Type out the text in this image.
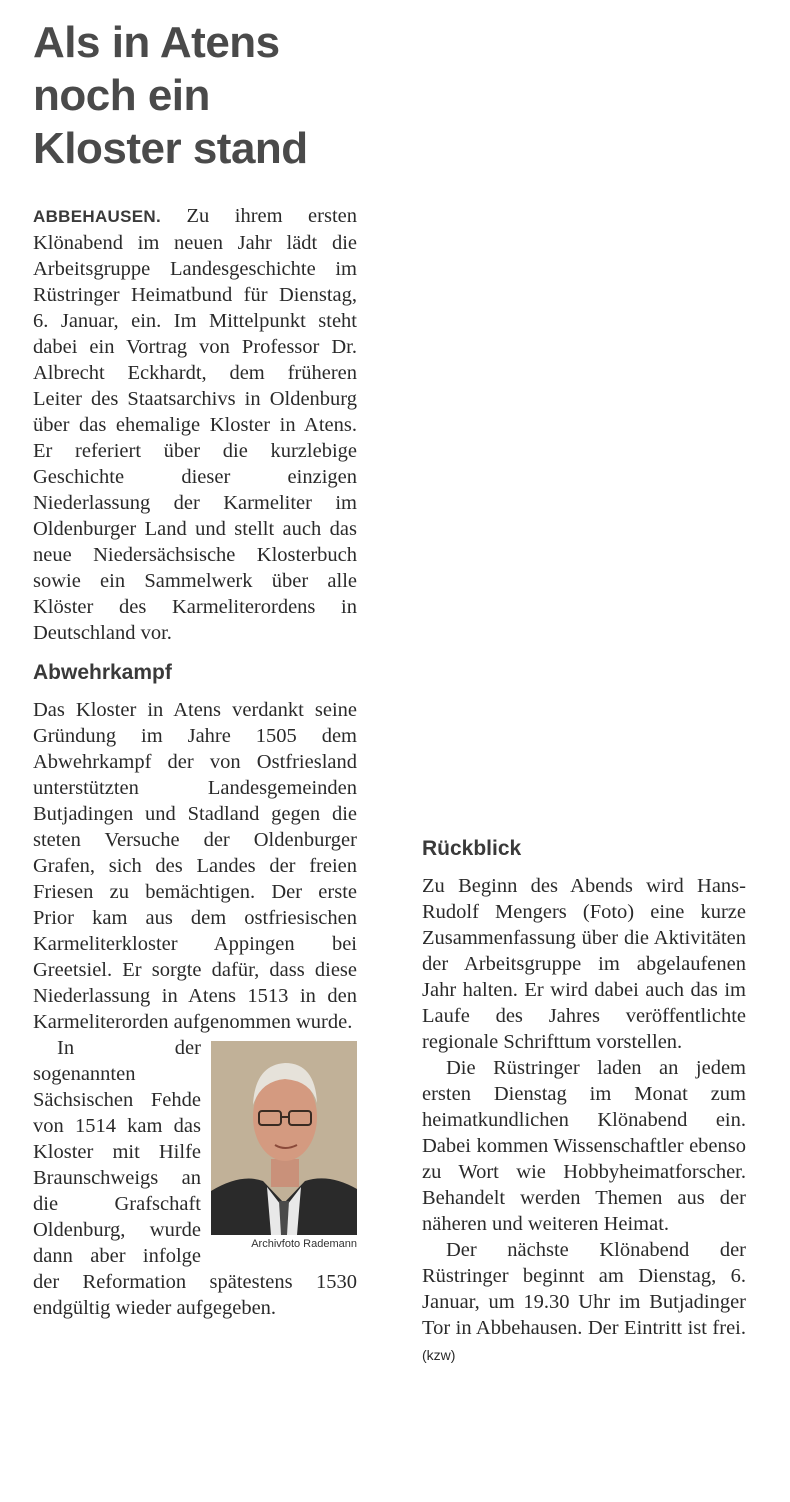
Als in Atens noch ein Kloster stand

ABBEHAUSEN. Zu ihrem ersten Klönabend im neuen Jahr lädt die Arbeitsgruppe Landesgeschichte im Rüstringer Heimatbund für Dienstag, 6. Januar, ein. Im Mittelpunkt steht dabei ein Vortrag von Professor Dr. Albrecht Eckhardt, dem früheren Leiter des Staatsarchivs in Oldenburg über das ehemalige Kloster in Atens. Er referiert über die kurzlebige Geschichte dieser einzigen Niederlassung der Karmeliter im Oldenburger Land und stellt auch das neue Niedersächsische Klosterbuch sowie ein Sammelwerk über alle Klöster des Karmeliterordens in Deutschland vor.

Abwehrkampf

Das Kloster in Atens verdankt seine Gründung im Jahre 1505 dem Abwehrkampf der von Ostfriesland unterstützten Landesgemeinden Butjadingen und Stadland gegen die steten Versuche der Oldenburger Grafen, sich des Landes der freien Friesen zu bemächtigen. Der erste Prior kam aus dem ostfriesischen Karmeliterkloster Appingen bei Greetsiel. Er sorgte dafür, dass diese Niederlassung in Atens 1513 in den Karmeliterorden aufgenommen wurde.

Archivfoto Rademann

In der sogenannten Sächsischen Fehde von 1514 kam das Kloster mit Hilfe Braunschweigs an die Grafschaft Oldenburg, wurde dann aber infolge der Reformation spätestens 1530 endgültig wieder aufgegeben.

Rückblick

Zu Beginn des Abends wird Hans-Rudolf Mengers (Foto) eine kurze Zusammenfassung über die Aktivitäten der Arbeitsgruppe im abgelaufenen Jahr halten. Er wird dabei auch das im Laufe des Jahres veröffentlichte regionale Schrifttum vorstellen.

Die Rüstringer laden an jedem ersten Dienstag im Monat zum heimatkundlichen Klönabend ein. Dabei kommen Wissenschaftler ebenso zu Wort wie Hobbyheimatforscher. Behandelt werden Themen aus der näheren und weiteren Heimat.

Der nächste Klönabend der Rüstringer beginnt am Dienstag, 6. Januar, um 19.30 Uhr im Butjadinger Tor in Abbehausen. Der Eintritt ist frei. (kzw)
